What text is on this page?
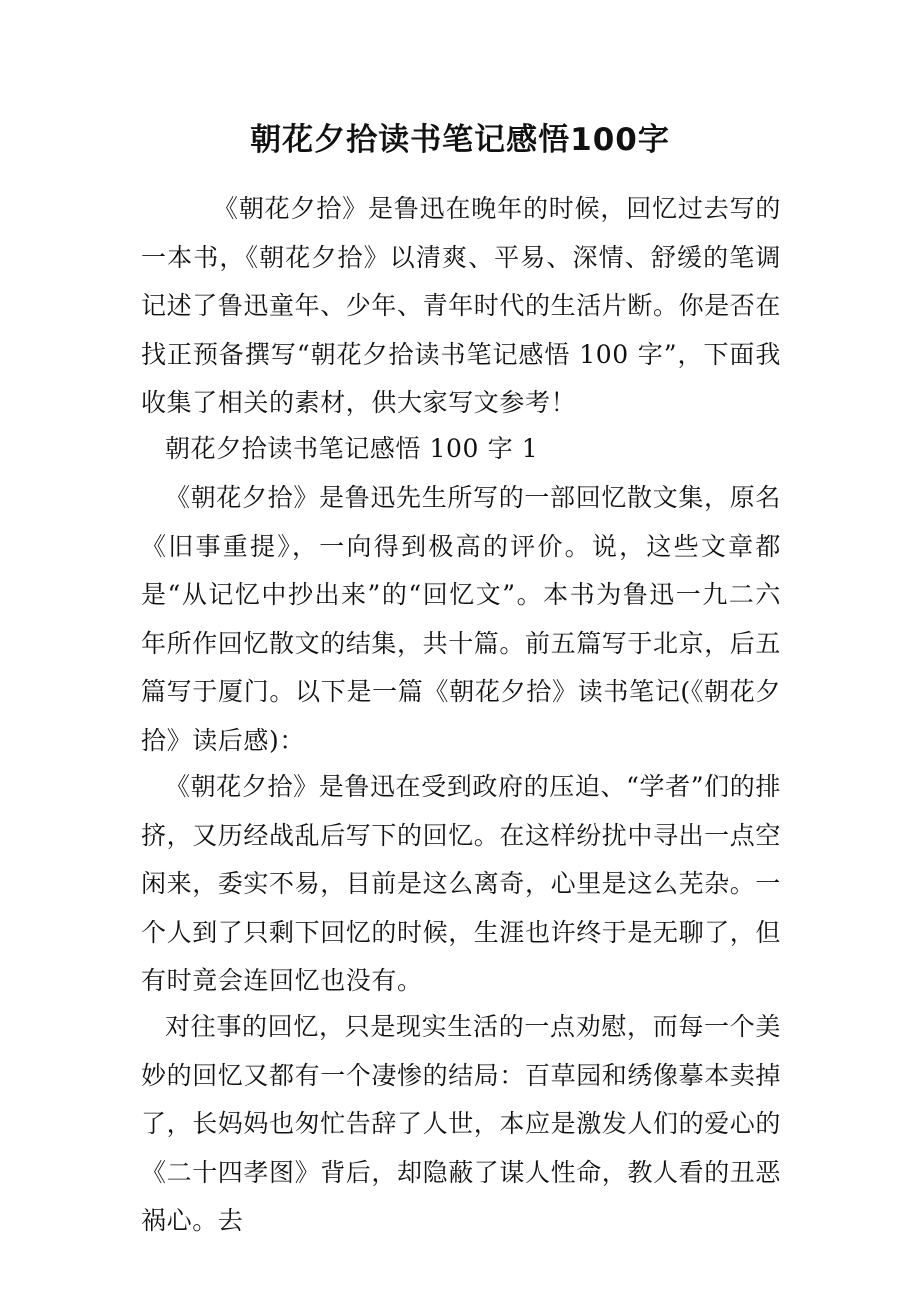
朝花夕拾读书笔记感悟100字

《朝花夕拾》是鲁迅在晚年的时候，回忆过去写的一本书，《朝花夕拾》以清爽、平易、深情、舒缓的笔调记述了鲁迅童年、少年、青年时代的生活片断。你是否在找正预备撰写“朝花夕拾读书笔记感悟 100 字”，下面我收集了相关的素材，供大家写文参考！

朝花夕拾读书笔记感悟 100 字 1

《朝花夕拾》是鲁迅先生所写的一部回忆散文集，原名《旧事重提》，一向得到极高的评价。说，这些文章都是“从记忆中抄出来”的“回忆文”。本书为鲁迅一九二六年所作回忆散文的结集，共十篇。前五篇写于北京，后五篇写于厦门。以下是一篇《朝花夕拾》读书笔记(《朝花夕拾》读后感)：

《朝花夕拾》是鲁迅在受到政府的压迫、“学者”们的排挤，又历经战乱后写下的回忆。在这样纷扰中寻出一点空闲来，委实不易，目前是这么离奇，心里是这么芜杂。一个人到了只剩下回忆的时候，生涯也许终于是无聊了，但有时竟会连回忆也没有。

对往事的回忆，只是现实生活的一点劝慰，而每一个美妙的回忆又都有一个凄惨的结局：百草园和绣像摹本卖掉了，长妈妈也匆忙告辞了人世，本应是激发人们的爱心的《二十四孝图》背后，却隐蔽了谋人性命，教人看的丑恶祸心。去
